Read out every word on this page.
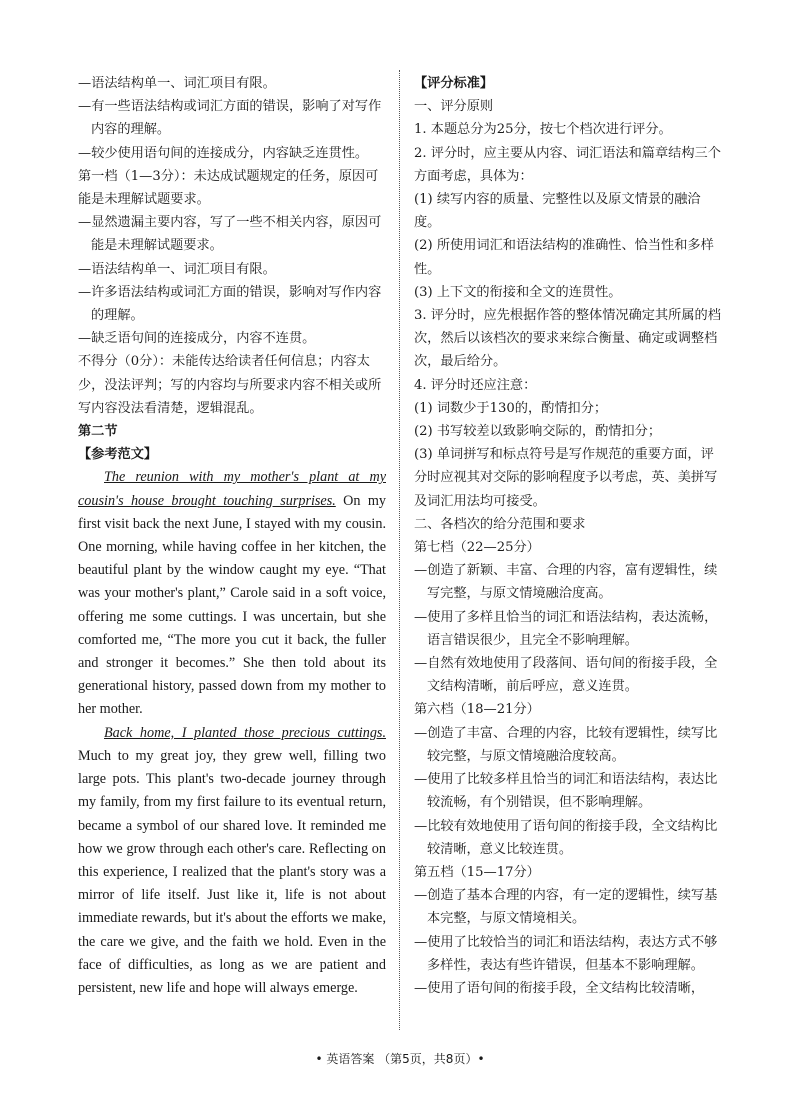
—语法结构单一、词汇项目有限。

—有一些语法结构或词汇方面的错误，影响了对写作内容的理解。

—较少使用语句间的连接成分，内容缺乏连贯性。

第一档（1—3分）：未达成试题规定的任务，原因可能是未理解试题要求。

—显然遗漏主要内容，写了一些不相关内容，原因可能是未理解试题要求。

—语法结构单一、词汇项目有限。

—许多语法结构或词汇方面的错误，影响对写作内容的理解。

—缺乏语句间的连接成分，内容不连贯。

不得分（0分）：未能传达给读者任何信息；内容太少，没法评判；写的内容均与所要求内容不相关或所写内容没法看清楚，逻辑混乱。

第二节

【参考范文】

The reunion with my mother's plant at my cousin's house brought touching surprises. On my first visit back the next June, I stayed with my cousin. One morning, while having coffee in her kitchen, the beautiful plant by the window caught my eye. “That was your mother's plant,” Carole said in a soft voice, offering me some cuttings. I was uncertain, but she comforted me, “The more you cut it back, the fuller and stronger it becomes.” She then told about its generational history, passed down from my mother to her mother.

Back home, I planted those precious cuttings. Much to my great joy, they grew well, filling two large pots. This plant's two-decade journey through my family, from my first failure to its eventual return, became a symbol of our shared love. It reminded me how we grow through each other's care. Reflecting on this experience, I realized that the plant's story was a mirror of life itself. Just like it, life is not about immediate rewards, but it's about the efforts we make, the care we give, and the faith we hold. Even in the face of difficulties, as long as we are patient and persistent, new life and hope will always emerge.

【评分标准】

一、评分原则

1. 本题总分为25分，按七个档次进行评分。

2. 评分时，应主要从内容、词汇语法和篇章结构三个方面考虑，具体为：

(1) 续写内容的质量、完整性以及原文情景的融洽度。

(2) 所使用词汇和语法结构的准确性、恰当性和多样性。

(3) 上下文的衔接和全文的连贯性。

3. 评分时，应先根据作答的整体情况确定其所属的档次，然后以该档次的要求来综合衡量、确定或调整档次，最后给分。

4. 评分时还应注意：

(1) 词数少于130的，酌情扣分；

(2) 书写较差以致影响交际的，酌情扣分；

(3) 单词拼写和标点符号是写作规范的重要方面，评分时应视其对交际的影响程度予以考虑，英、美拼写及词汇用法均可接受。

二、各档次的给分范围和要求

第七档（22—25分）

—创造了新颖、丰富、合理的内容，富有逻辑性，续写完整，与原文情境融洽度高。

—使用了多样且恰当的词汇和语法结构，表达流畅，语言错误很少，且完全不影响理解。

—自然有效地使用了段落间、语句间的衔接手段，全文结构清晰，前后呼应，意义连贯。

第六档（18—21分）

—创造了丰富、合理的内容，比较有逻辑性，续写比较完整，与原文情境融洽度较高。

—使用了比较多样且恰当的词汇和语法结构，表达比较流畅，有个别错误，但不影响理解。

—比较有效地使用了语句间的衔接手段，全文结构比较清晰，意义比较连贯。

第五档（15—17分）

—创造了基本合理的内容，有一定的逻辑性，续写基本完整，与原文情境相关。

—使用了比较恰当的词汇和语法结构，表达方式不够多样性，表达有些许错误，但基本不影响理解。

—使用了语句间的衔接手段，全文结构比较清晰，

• 英语答案 （第5页，共8页）•
